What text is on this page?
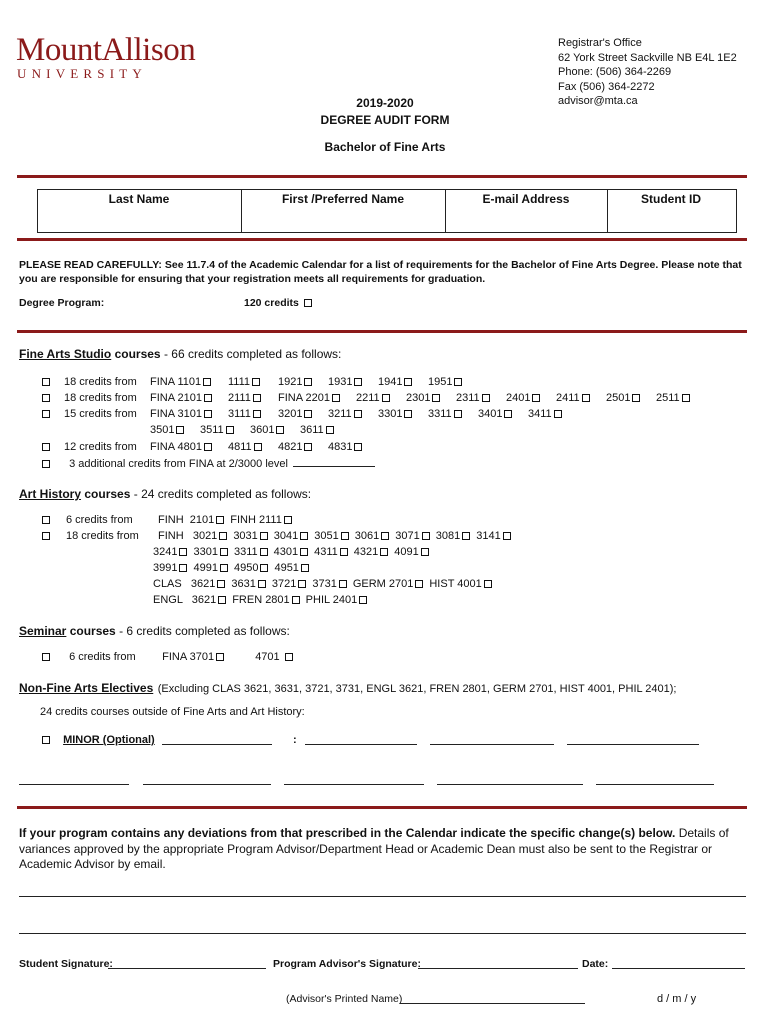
MountAllison
UNIVERSITY
Registrar's Office
62 York Street Sackville NB E4L 1E2
Phone: (506) 364-2269
Fax (506) 364-2272
advisor@mta.ca
2019-2020
DEGREE AUDIT FORM
Bachelor of Fine Arts
Last Name	First /Preferred Name	E-mail Address	Student ID
PLEASE READ CAREFULLY: See 11.7.4 of the Academic Calendar for a list of requirements for the Bachelor of Fine Arts Degree. Please note that you are responsible for ensuring that your registration meets all requirements for graduation.
Degree Program:	120 credits
Fine Arts Studio courses - 66 credits completed as follows:
18 credits from FINA 1101 1111	1921 1931 1941 1951
18 credits from FINA 2101 2111 FINA 2201 2211 2301 2311 2401 2411 2501 2511
15 credits from FINA 3101 3111 3201 3211 3301 3311 3401 3411
3501 3511 3601 3611
12 credits from FINA 4801 4811 4821 4831
3 additional credits from FINA at 2/3000 level
Art History courses - 24 credits completed as follows:
6 credits from FINH  2101 FINH 2111
18 credits from FINH   3021 3031 3041 3051 3061 3071 3081 3141
3241 3301 3311 4301 4311 4321 4091
3991 4991 4950 4951
CLAS   3621 3631 3721 3731 GERM 2701 HIST 4001
ENGL   3621 FREN 2801 PHIL 2401
Seminar courses - 6 credits completed as follows:
6 credits from FINA 3701	4701
Non-Fine Arts Electives (Excluding CLAS 3621, 3631, 3721, 3731, ENGL 3621, FREN 2801, GERM 2701, HIST 4001, PHIL 2401);
24 credits courses outside of Fine Arts and Art History:
MINOR (Optional)	:
If your program contains any deviations from that prescribed in the Calendar indicate the specific change(s) below. Details of variances approved by the appropriate Program Advisor/Department Head or Academic Dean must also be sent to the Registrar or Academic Advisor by email.
Student Signature:	Program Advisor's Signature:	Date:
(Advisor's Printed Name)	d / m / y
